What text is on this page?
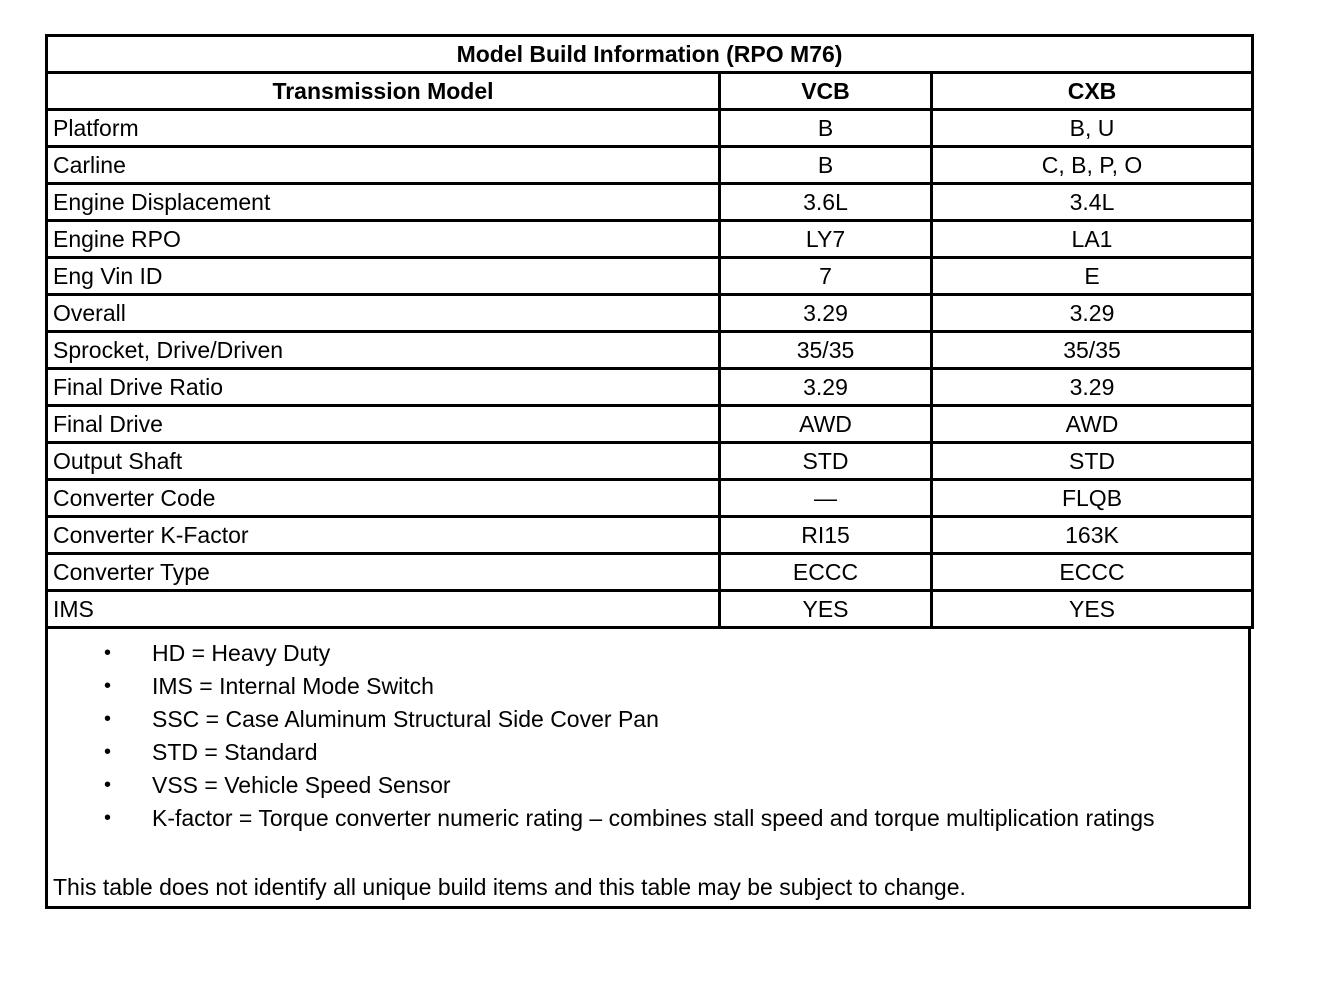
Model Build Information (RPO M76)		
Transmission Model	VCB	CXB
Platform	B	B, U
Carline	B	C, B, P, O
Engine Displacement	3.6L	3.4L
Engine RPO	LY7	LA1
Eng Vin ID	7	E
Overall	3.29	3.29
Sprocket, Drive/Driven	35/35	35/35
Final Drive Ratio	3.29	3.29
Final Drive	AWD	AWD
Output Shaft	STD	STD
Converter Code	—	FLQB
Converter K-Factor	RI15	163K
Converter Type	ECCC	ECCC
IMS	YES	YES
• HD = Heavy Duty
• IMS = Internal Mode Switch
• SSC = Case Aluminum Structural Side Cover Pan
• STD = Standard
• VSS = Vehicle Speed Sensor
• K-factor = Torque converter numeric rating – combines stall speed and torque multiplication ratings
This table does not identify all unique build items and this table may be subject to change.
